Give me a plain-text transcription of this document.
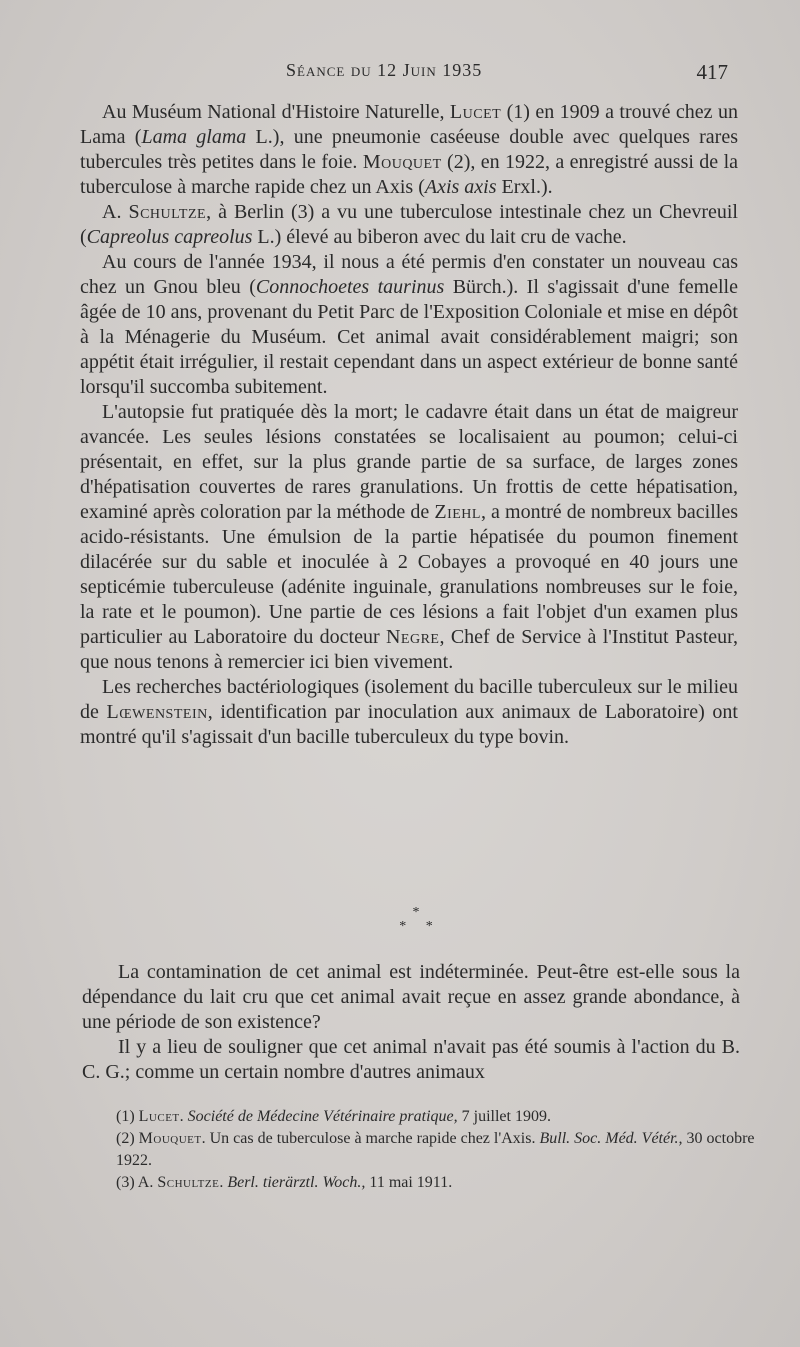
Séance du 12 Juin 1935	417

Au Muséum National d'Histoire Naturelle, Lucet (1) en 1909 a trouvé chez un Lama (Lama glama L.), une pneumonie caséeuse double avec quelques rares tubercules très petites dans le foie. Mouquet (2), en 1922, a enregistré aussi de la tuberculose à marche rapide chez un Axis (Axis axis Erxl.).

A. Schultze, à Berlin (3) a vu une tuberculose intestinale chez un Chevreuil (Capreolus capreolus L.) élevé au biberon avec du lait cru de vache.

Au cours de l'année 1934, il nous a été permis d'en constater un nouveau cas chez un Gnou bleu (Connochoetes taurinus Bürch.). Il s'agissait d'une femelle âgée de 10 ans, provenant du Petit Parc de l'Exposition Coloniale et mise en dépôt à la Ménagerie du Muséum. Cet animal avait considérablement maigri; son appétit était irrégulier, il restait cependant dans un aspect extérieur de bonne santé lorsqu'il succomba subitement.

L'autopsie fut pratiquée dès la mort; le cadavre était dans un état de maigreur avancée. Les seules lésions constatées se localisaient au poumon; celui-ci présentait, en effet, sur la plus grande partie de sa surface, de larges zones d'hépatisation couvertes de rares granulations. Un frottis de cette hépatisation, examiné après coloration par la méthode de Ziehl, a montré de nombreux bacilles acido-résistants. Une émulsion de la partie hépatisée du poumon finement dilacérée sur du sable et inoculée à 2 Cobayes a provoqué en 40 jours une septicémie tuberculeuse (adénite inguinale, granulations nombreuses sur le foie, la rate et le poumon). Une partie de ces lésions a fait l'objet d'un examen plus particulier au Laboratoire du docteur Negre, Chef de Service à l'Institut Pasteur, que nous tenons à remercier ici bien vivement.

Les recherches bactériologiques (isolement du bacille tuberculeux sur le milieu de Lœwenstein, identification par inoculation aux animaux de Laboratoire) ont montré qu'il s'agissait d'un bacille tuberculeux du type bovin.

*
* *

La contamination de cet animal est indéterminée. Peut-être est-elle sous la dépendance du lait cru que cet animal avait reçue en assez grande abondance, à une période de son existence?

Il y a lieu de souligner que cet animal n'avait pas été soumis à l'action du B. C. G.; comme un certain nombre d'autres animaux

(1) Lucet. Société de Médecine Vétérinaire pratique, 7 juillet 1909.

(2) Mouquet. Un cas de tuberculose à marche rapide chez l'Axis. Bull. Soc. Méd. Vétér., 30 octobre 1922.

(3) A. Schultze. Berl. tierärztl. Woch., 11 mai 1911.
